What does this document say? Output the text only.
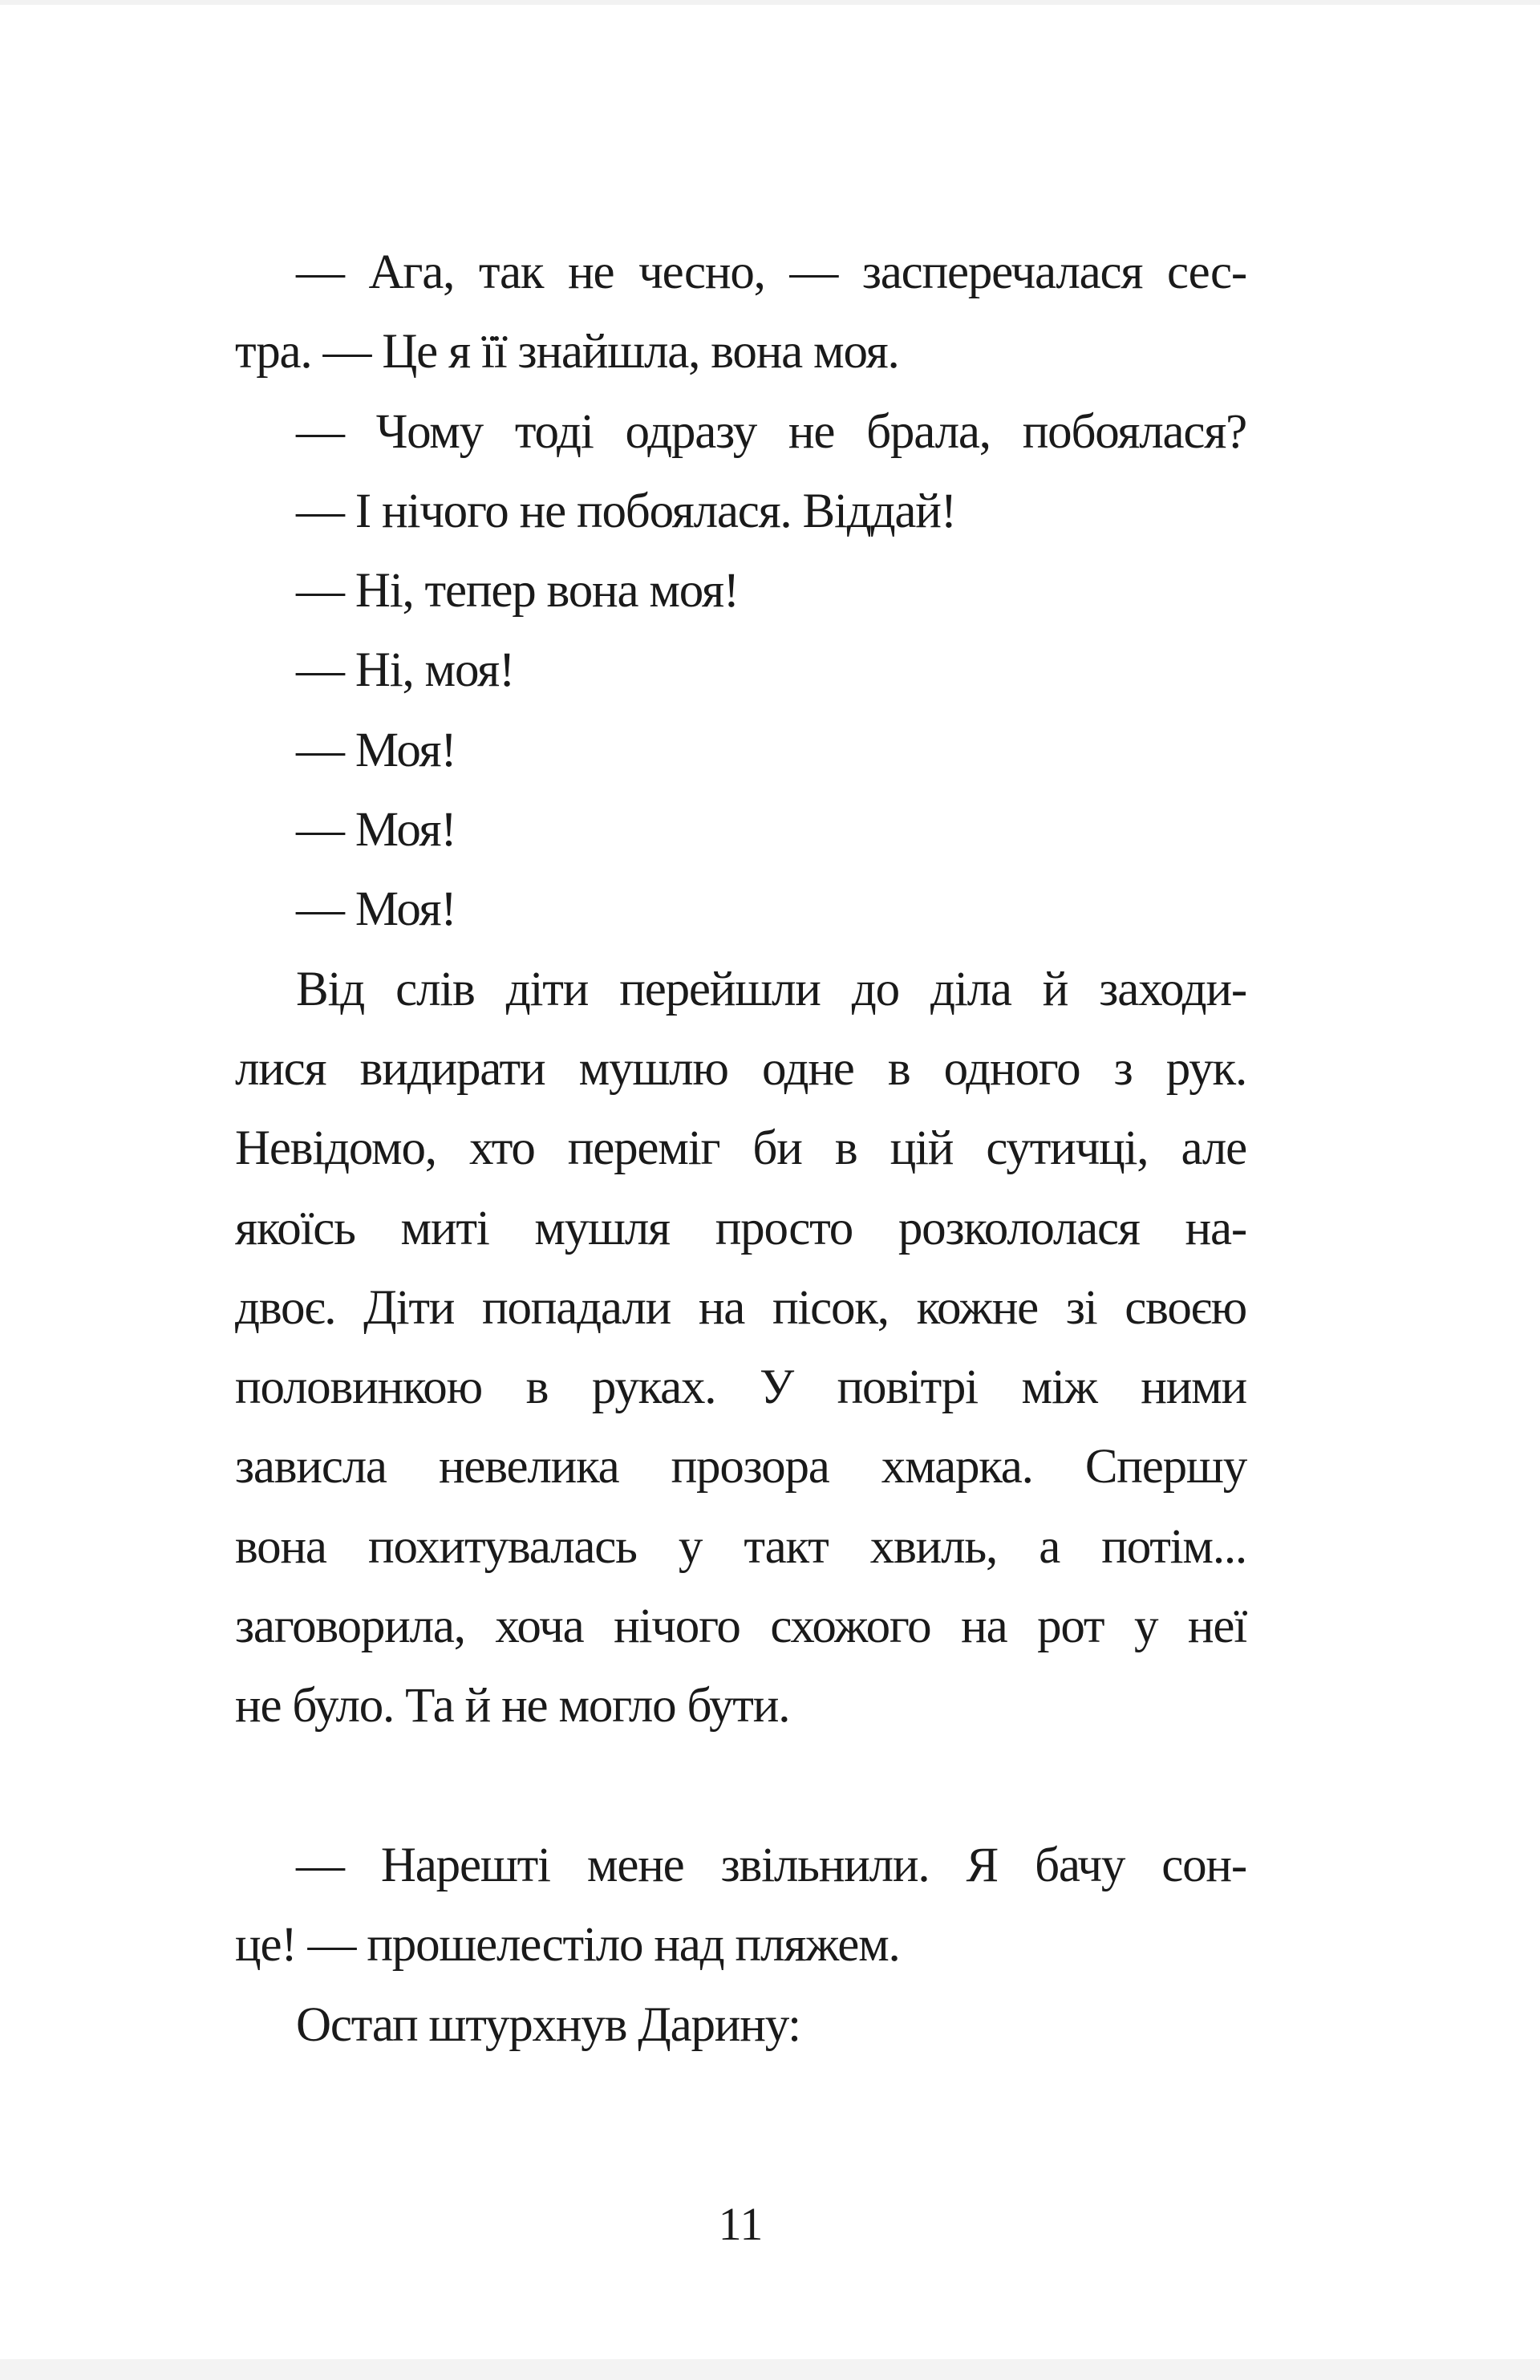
— Ага, так не чесно, — засперечалася сес-
тра. — Це я її знайшла, вона моя.
— Чому тоді одразу не брала, побоялася?
— І нічого не побоялася. Віддай!
— Ні, тепер вона моя!
— Ні, моя!
— Моя!
— Моя!
— Моя!
Від слів діти перейшли до діла й заходи-
лися видирати мушлю одне в одного з рук.
Невідомо, хто переміг би в цій сутичці, але
якоїсь миті мушля просто розкололася на-
двоє. Діти попадали на пісок, кожне зі своєю
половинкою в руках. У повітрі між ними
зависла невелика прозора хмарка. Спершу
вона похитувалась у такт хвиль, а потім...
заговорила, хоча нічого схожого на рот у неї
не було. Та й не могло бути.
— Нарешті мене звільнили. Я бачу сон-
це! — прошелестіло над пляжем.
Остап штурхнув Дарину:
11
